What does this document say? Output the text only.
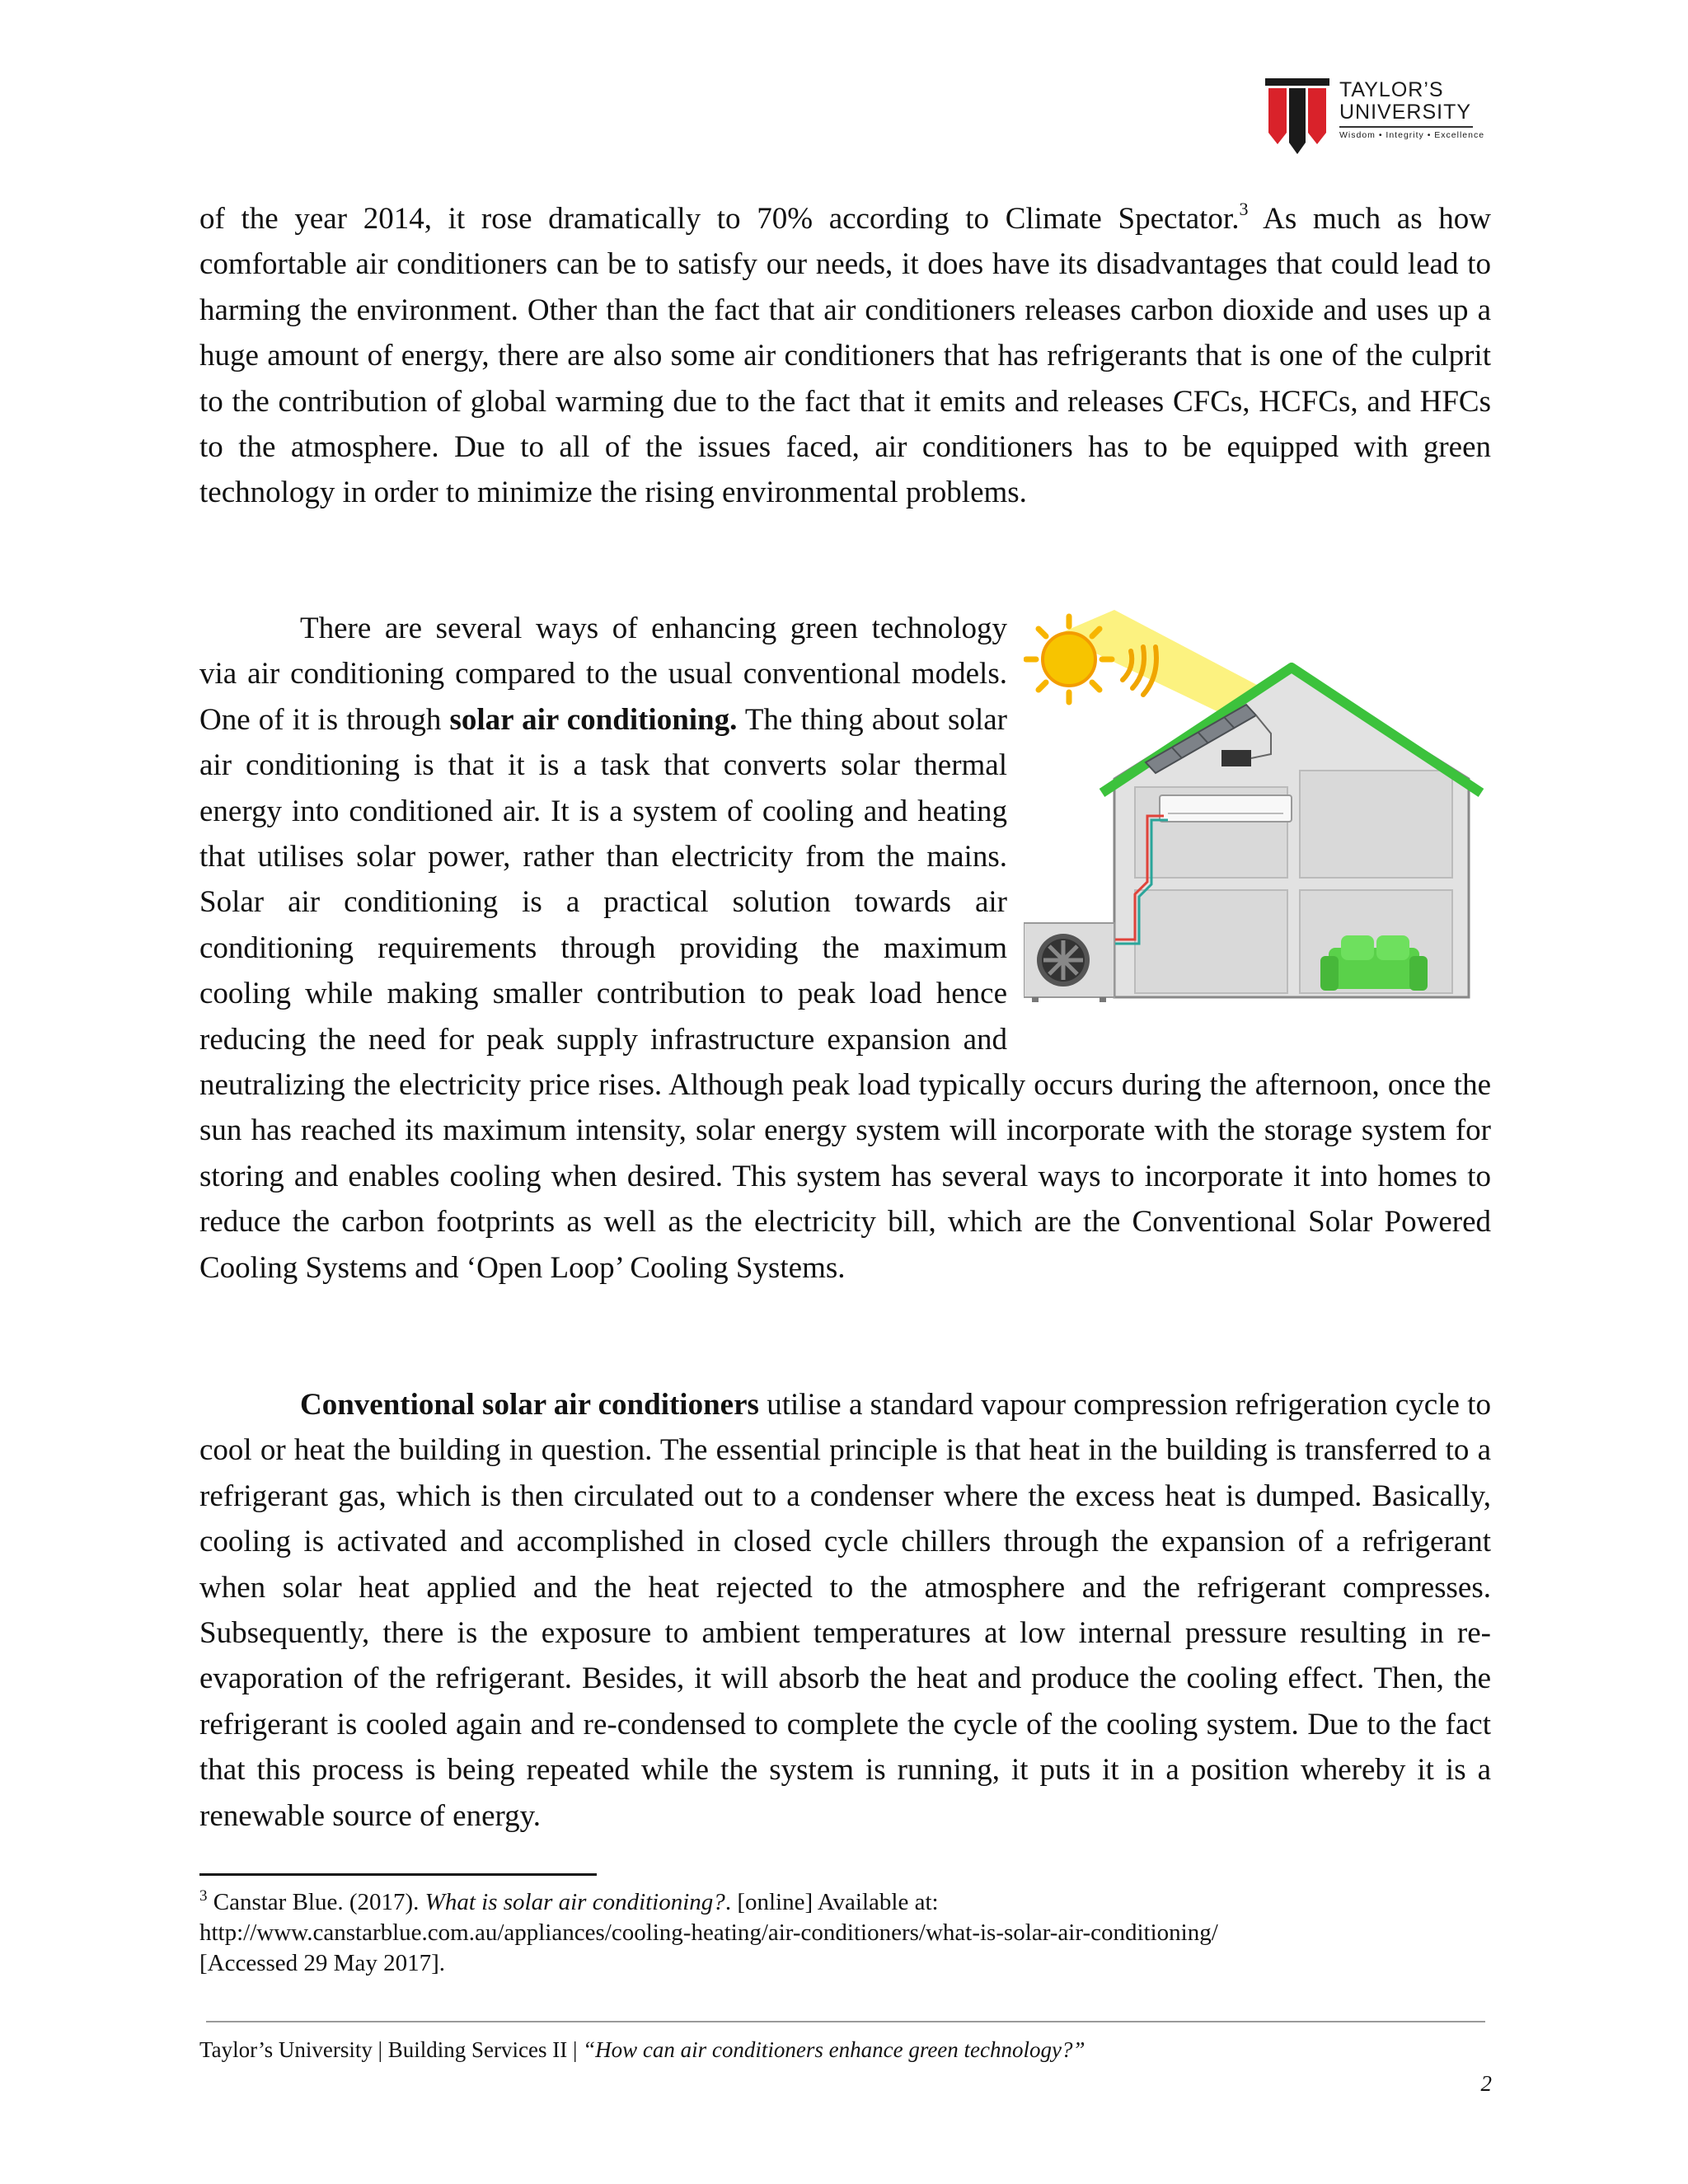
TAYLOR’S
UNIVERSITY
Wisdom • Integrity • Excellence

of the year 2014, it rose dramatically to 70% according to Climate Spectator.$^3$ As much as how comfortable air conditioners can be to satisfy our needs, it does have its disadvantages that could lead to harming the environment. Other than the fact that air conditioners releases carbon dioxide and uses up a huge amount of energy, there are also some air conditioners that has refrigerants that is one of the culprit to the contribution of global warming due to the fact that it emits and releases CFCs, HCFCs, and HFCs to the atmosphere. Due to all of the issues faced, air conditioners has to be equipped with green technology in order to minimize the rising environmental problems.

There are several ways of enhancing green technology via air conditioning compared to the usual conventional models. One of it is through solar air conditioning. The thing about solar air conditioning is that it is a task that converts solar thermal energy into conditioned air. It is a system of cooling and heating that utilises solar power, rather than electricity from the mains. Solar air conditioning is a practical solution towards air conditioning requirements through providing the maximum cooling while making smaller contribution to peak load hence reducing the need for peak supply infrastructure expansion and neutralizing the electricity price rises. Although peak load typically occurs during the afternoon, once the sun has reached its maximum intensity, solar energy system will incorporate with the storage system for storing and enables cooling when desired. This system has several ways to incorporate it into homes to reduce the carbon footprints as well as the electricity bill, which are the Conventional Solar Powered Cooling Systems and ‘Open Loop’ Cooling Systems.

Conventional solar air conditioners utilise a standard vapour compression refrigeration cycle to cool or heat the building in question. The essential principle is that heat in the building is transferred to a refrigerant gas, which is then circulated out to a condenser where the excess heat is dumped. Basically, cooling is activated and accomplished in closed cycle chillers through the expansion of a refrigerant when solar heat applied and the heat rejected to the atmosphere and the refrigerant compresses. Subsequently, there is the exposure to ambient temperatures at low internal pressure resulting in re-evaporation of the refrigerant. Besides, it will absorb the heat and produce the cooling effect. Then, the refrigerant is cooled again and re-condensed to complete the cycle of the cooling system. Due to the fact that this process is being repeated while the system is running, it puts it in a position whereby it is a renewable source of energy.

$^3$ Canstar Blue. (2017). What is solar air conditioning?. [online] Available at:
http://www.canstarblue.com.au/appliances/cooling-heating/air-conditioners/what-is-solar-air-conditioning/
[Accessed 29 May 2017].
Taylor’s University | Building Services II | “How can air conditioners enhance green technology?”
2
